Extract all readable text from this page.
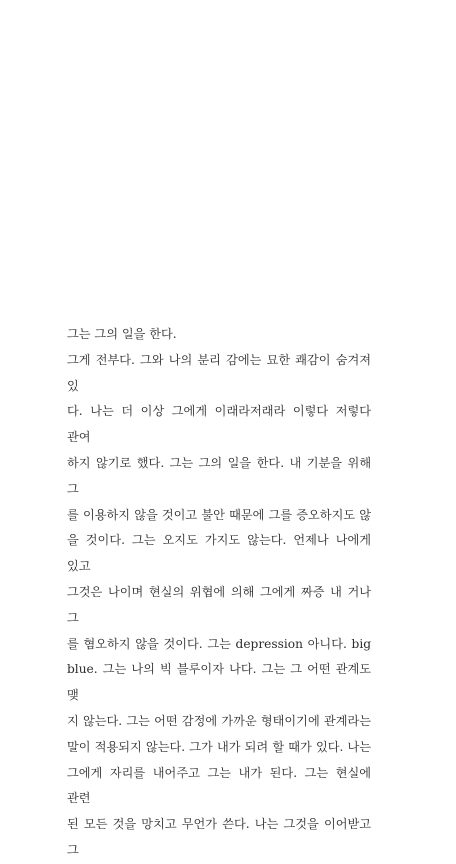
그는 그의 일을 한다.
그게 전부다. 그와 나의 분리 감에는 묘한 쾌감이 숨겨져 있
다. 나는 더 이상 그에게 이래라저래라 이렇다 저렇다 관여
하지 않기로 했다. 그는 그의 일을 한다. 내 기분을 위해 그
를 이용하지 않을 것이고 불안 때문에 그를 증오하지도 않
을 것이다. 그는 오지도 가지도 않는다. 언제나 나에게 있고
그것은 나이며 현실의 위협에 의해 그에게 짜증 내 거나 그
를 혐오하지 않을 것이다. 그는 depression 아니다. big
blue. 그는 나의 빅 블루이자 나다. 그는 그 어떤 관계도 맺
지 않는다. 그는 어떤 감정에 가까운 형태이기에 관계라는
말이 적용되지 않는다. 그가 내가 되려 할 때가 있다. 나는
그에게 자리를 내어주고 그는 내가 된다. 그는 현실에 관련
된 모든 것을 망치고 무언가 쓴다. 나는 그것을 이어받고 그
